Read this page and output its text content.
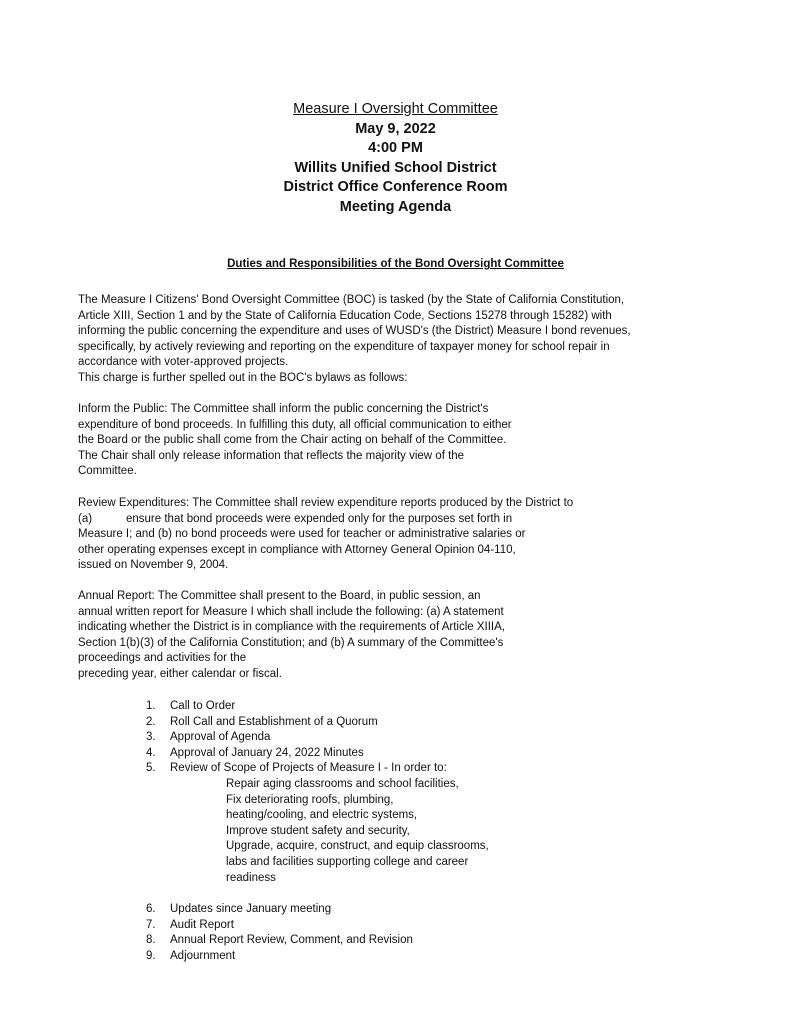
Measure I Oversight Committee
May 9, 2022
4:00 PM
Willits Unified School District
District Office Conference Room
Meeting Agenda
Duties and Responsibilities of the Bond Oversight Committee
The Measure I Citizens' Bond Oversight Committee (BOC) is tasked (by the State of California Constitution,
Article XIII, Section 1 and by the State of California Education Code, Sections 15278 through 15282) with
informing the public concerning the expenditure and uses of WUSD's (the District) Measure I bond revenues,
specifically, by actively reviewing and reporting on the expenditure of taxpayer money for school repair in
accordance with voter-approved projects.
This charge is further spelled out in the BOC's bylaws as follows:
Inform the Public: The Committee shall inform the public concerning the District's
expenditure of bond proceeds. In fulfilling this duty, all official communication to either
the Board or the public shall come from the Chair acting on behalf of the Committee.
The Chair shall only release information that reflects the majority view of the
Committee.
Review Expenditures: The Committee shall review expenditure reports produced by the District to
(a)	ensure that bond proceeds were expended only for the purposes set forth in
Measure I; and (b) no bond proceeds were used for teacher or administrative salaries or
other operating expenses except in compliance with Attorney General Opinion 04-110,
issued on November 9, 2004.
Annual Report: The Committee shall present to the Board, in public session, an
annual written report for Measure I which shall include the following: (a) A statement
indicating whether the District is in compliance with the requirements of Article XIIIA,
Section 1(b)(3) of the California Constitution; and (b) A summary of the Committee's
proceedings and activities for the
preceding year, either calendar or fiscal.
1. Call to Order
2. Roll Call and Establishment of a Quorum
3. Approval of Agenda
4. Approval of January 24, 2022 Minutes
5. Review of Scope of Projects of Measure I - In order to:
Repair aging classrooms and school facilities,
Fix deteriorating roofs, plumbing,
heating/cooling, and electric systems,
Improve student safety and security,
Upgrade, acquire, construct, and equip classrooms,
labs and facilities supporting college and career
readiness
6. Updates since January meeting
7. Audit Report
8. Annual Report Review, Comment, and Revision
9. Adjournment
